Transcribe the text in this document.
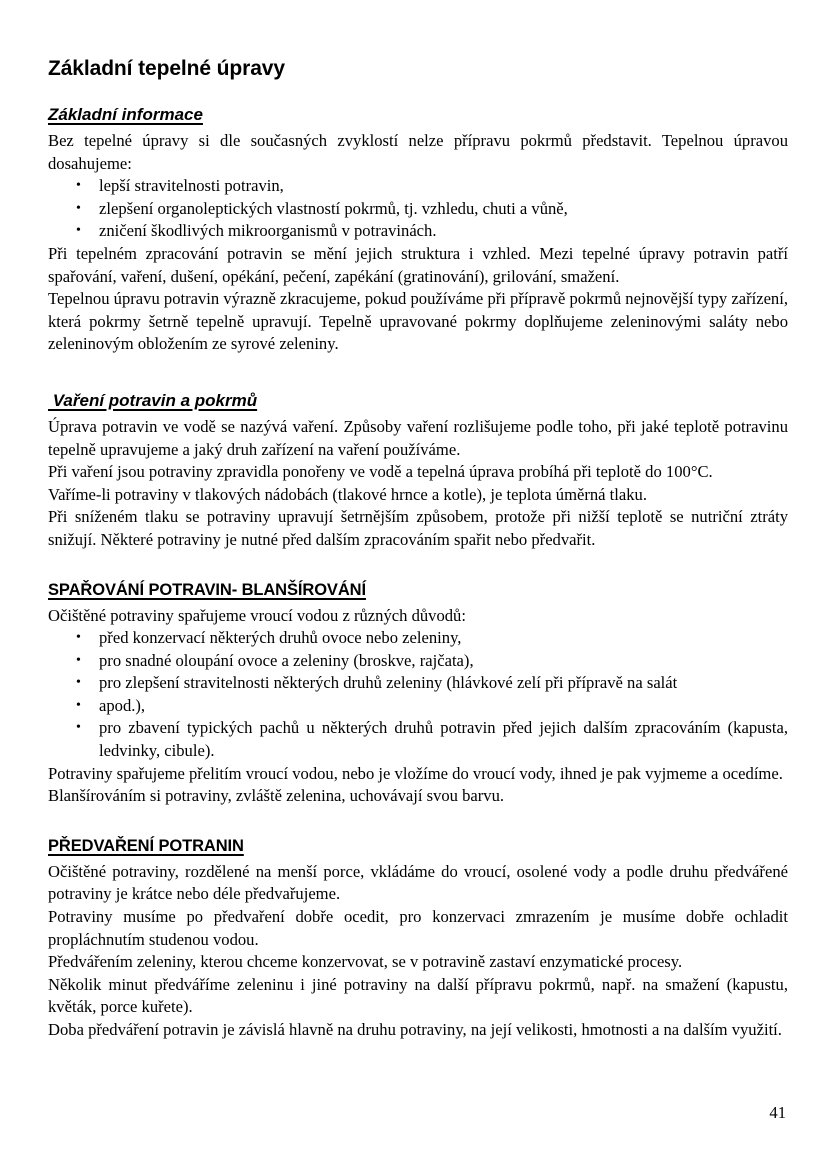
Základní tepelné úpravy
Základní informace

Bez tepelné úpravy si dle současných zvyklostí nelze přípravu pokrmů představit. Tepelnou úpravou dosahujeme:

• lepší stravitelnosti potravin,
• zlepšení organoleptických vlastností pokrmů, tj. vzhledu, chuti a vůně,
• zničení škodlivých mikroorganismů v potravinách.

Při tepelném zpracování potravin se mění jejich struktura i vzhled. Mezi tepelné úpravy potravin patří spařování, vaření, dušení, opékání, pečení, zapékání (gratinování), grilování, smažení.

Tepelnou úpravu potravin výrazně zkracujeme, pokud používáme při přípravě pokrmů nejnovější typy zařízení, která pokrmy šetrně tepelně upravují. Tepelně upravované pokrmy doplňujeme zeleninovými saláty nebo zeleninovým obložením ze syrové zeleniny.

Vaření potravin a pokrmů

Úprava potravin ve vodě se nazývá vaření. Způsoby vaření rozlišujeme podle toho, při jaké teplotě potravinu tepelně upravujeme a jaký druh zařízení na vaření používáme.

Při vaření jsou potraviny zpravidla ponořeny ve vodě a tepelná úprava probíhá při teplotě do 100°C.

Vaříme-li potraviny v tlakových nádobách (tlakové hrnce a kotle), je teplota úměrná tlaku.

Při sníženém tlaku se potraviny upravují šetrnějším způsobem, protože při nižší teplotě se nutriční ztráty snižují. Některé potraviny je nutné před dalším zpracováním spařit nebo předvařit.

SPAŘOVÁNÍ POTRAVIN- BLANŠÍROVÁNÍ

Očištěné potraviny spařujeme vroucí vodou z různých důvodů:

• před konzervací některých druhů ovoce nebo zeleniny,
• pro snadné oloupání ovoce a zeleniny (broskve, rajčata),
• pro zlepšení stravitelnosti některých druhů zeleniny (hlávkové zelí při přípravě na salát
• apod.),
• pro zbavení typických pachů u některých druhů potravin před jejich dalším zpracováním (kapusta, ledvinky, cibule).

Potraviny spařujeme přelitím vroucí vodou, nebo je vložíme do vroucí vody, ihned je pak vyjmeme a ocedíme.

Blanšírováním si potraviny, zvláště zelenina, uchovávají svou barvu.

PŘEDVAŘENÍ POTRANIN

Očištěné potraviny, rozdělené na menší porce, vkládáme do vroucí, osolené vody a podle druhu předvářené potraviny je krátce nebo déle předvařujeme.

Potraviny musíme po předvaření dobře ocedit, pro konzervaci zmrazením je musíme dobře ochladit propláchnutím studenou vodou.

Předvářením zeleniny, kterou chceme konzervovat, se v potravině zastaví enzymatické procesy.

Několik minut předváříme zeleninu i jiné potraviny na další přípravu pokrmů, např. na smažení (kapustu, květák, porce kuřete).

Doba předváření potravin je závislá hlavně na druhu potraviny, na její velikosti, hmotnosti a na dalším využití.

41
